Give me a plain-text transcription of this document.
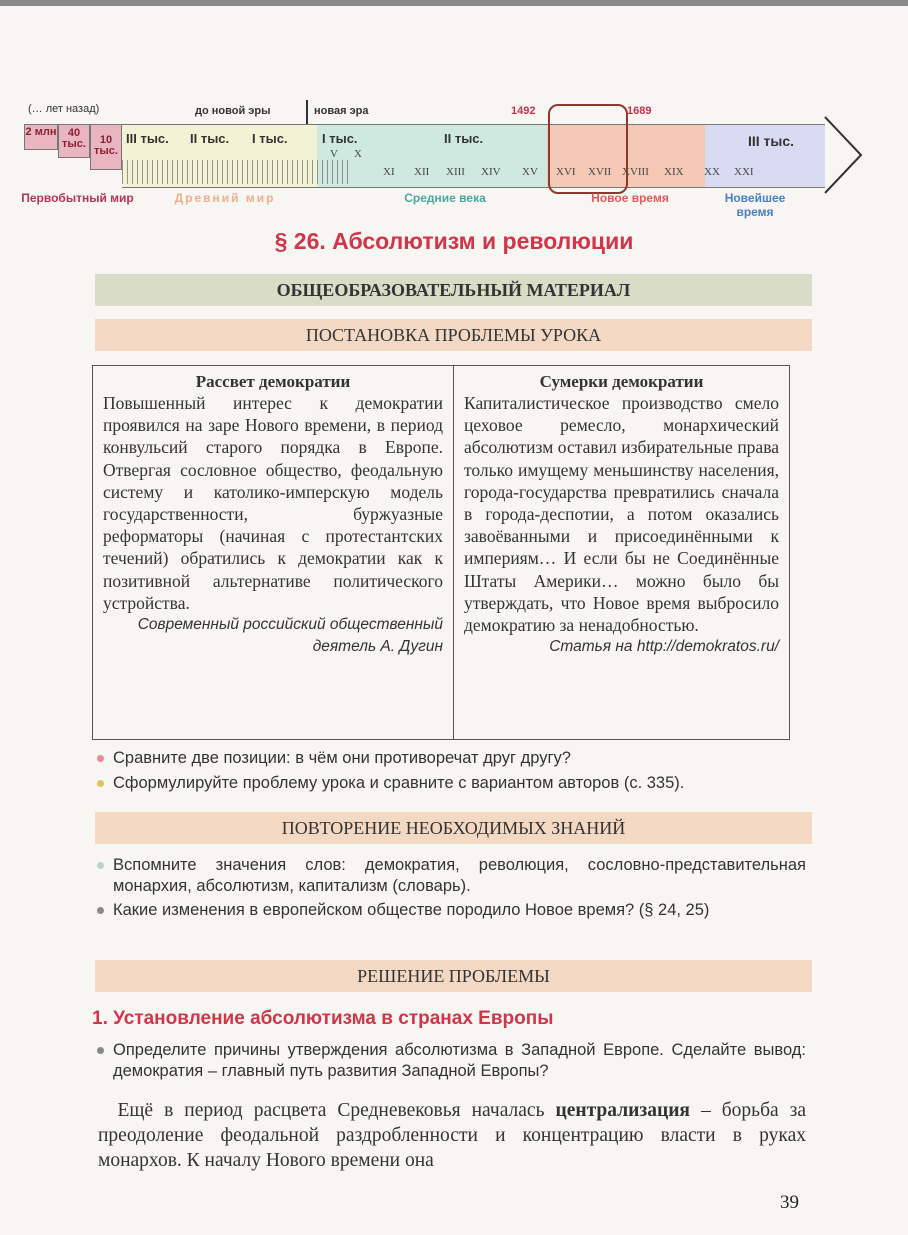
(… лет назад)	до новой эры	новая эра	1492	1689
2 млн	40 тыс.	10 тыс.
III тыс. II тыс. I тыс.	I тыс.	II тыс.	III тыс.
V X
XI XII XIII XIV XV XVI XVII XVIII XIX XX XXI
Первобытный мир	Древний мир	Средние века	Новое время	Новейшее время
§ 26. Абсолютизм и революции
ОБЩЕОБРАЗОВАТЕЛЬНЫЙ МАТЕРИАЛ
ПОСТАНОВКА ПРОБЛЕМЫ УРОКА
Рассвет демократии
Повышенный интерес к демократии проявился на заре Нового времени, в период конвульсий старого порядка в Европе. Отвергая сословное общество, феодальную систему и католико-имперскую модель государственности, буржуазные реформаторы (начиная с протестантских течений) обратились к демократии как к позитивной альтернативе политического устройства.
Современный российский общественный деятель А. Дугин
Сумерки демократии
Капиталистическое производство смело цеховое ремесло, монархический абсолютизм оставил избирательные права только имущему меньшинству населения, города-государства превратились сначала в города-деспотии, а потом оказались завоёванными и присоединёнными к империям… И если бы не Соединённые Штаты Америки… можно было бы утверждать, что Новое время выбросило демократию за ненадобностью.
Статья на http://demokratos.ru/
Сравните две позиции: в чём они противоречат друг другу?
Сформулируйте проблему урока и сравните с вариантом авторов (с. 335).
ПОВТОРЕНИЕ НЕОБХОДИМЫХ ЗНАНИЙ
Вспомните значения слов: демократия, революция, сословно-представительная монархия, абсолютизм, капитализм (словарь).
Какие изменения в европейском обществе породило Новое время? (§ 24, 25)
РЕШЕНИЕ ПРОБЛЕМЫ
1. Установление абсолютизма в странах Европы
Определите причины утверждения абсолютизма в Западной Европе. Сделайте вывод: демократия – главный путь развития Западной Европы?
 Ещё в период расцвета Средневековья началась централизация – борьба за преодоление феодальной раздробленности и концентрацию власти в руках монархов. К началу Нового времени она
39
